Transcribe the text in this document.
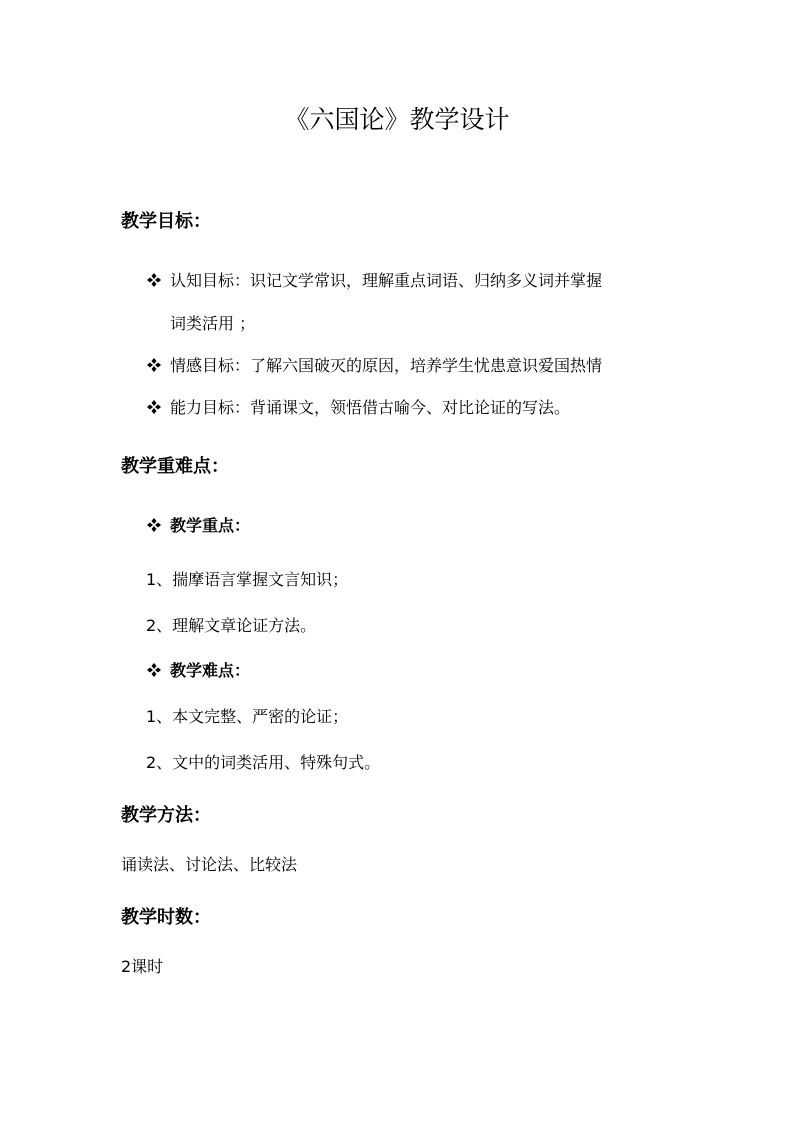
《六国论》教学设计
教学目标：
认知目标：识记文学常识，理解重点词语、归纳多义词并掌握
词类活用 ；
情感目标：了解六国破灭的原因，培养学生忧患意识爱国热情
能力目标：背诵课文，领悟借古喻今、对比论证的写法。
教学重难点：
教学重点：
1、揣摩语言掌握文言知识；
2、理解文章论证方法。
教学难点：
1、本文完整、严密的论证；
2、文中的词类活用、特殊句式。
教学方法：
诵读法、讨论法、比较法
教学时数：
2课时
